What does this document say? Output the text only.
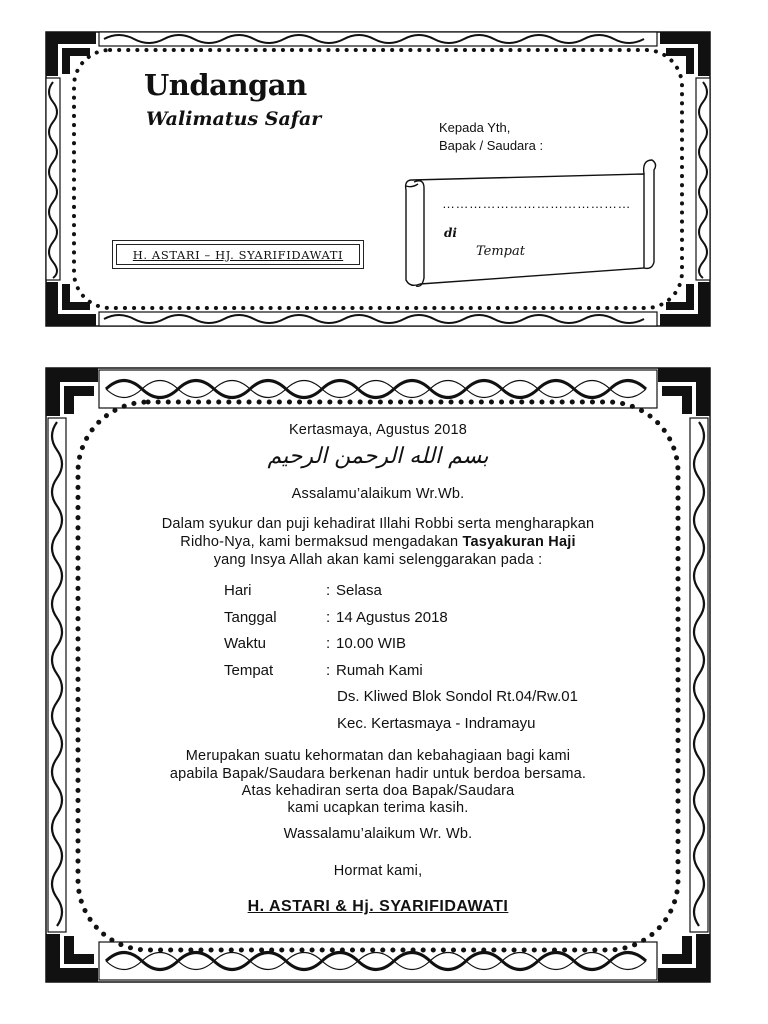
Undangan
Walimatus Safar
H. ASTARI – HJ. SYARIFIDAWATI
Kepada Yth,
Bapak / Saudara :
……………………………………
di
Tempat
Kertasmaya, Agustus 2018
بسم الله الرحمن الرحيم
Assalamu’alaikum Wr.Wb.
Dalam syukur dan puji kehadirat Illahi Robbi serta mengharapkan
Ridho-Nya, kami bermaksud mengadakan Tasyakuran Haji
yang Insya Allah akan kami selenggarakan pada :
Hari	: Selasa
Tanggal	: 14 Agustus 2018
Waktu	: 10.00 WIB
Tempat	: Rumah Kami
Ds. Kliwed Blok Sondol Rt.04/Rw.01
Kec. Kertasmaya - Indramayu
Merupakan suatu kehormatan dan kebahagiaan bagi kami
apabila Bapak/Saudara berkenan hadir untuk berdoa bersama.
Atas kehadiran serta doa Bapak/Saudara
kami ucapkan terima kasih.
Wassalamu’alaikum Wr. Wb.
Hormat kami,
H. ASTARI & Hj. SYARIFIDAWATI
